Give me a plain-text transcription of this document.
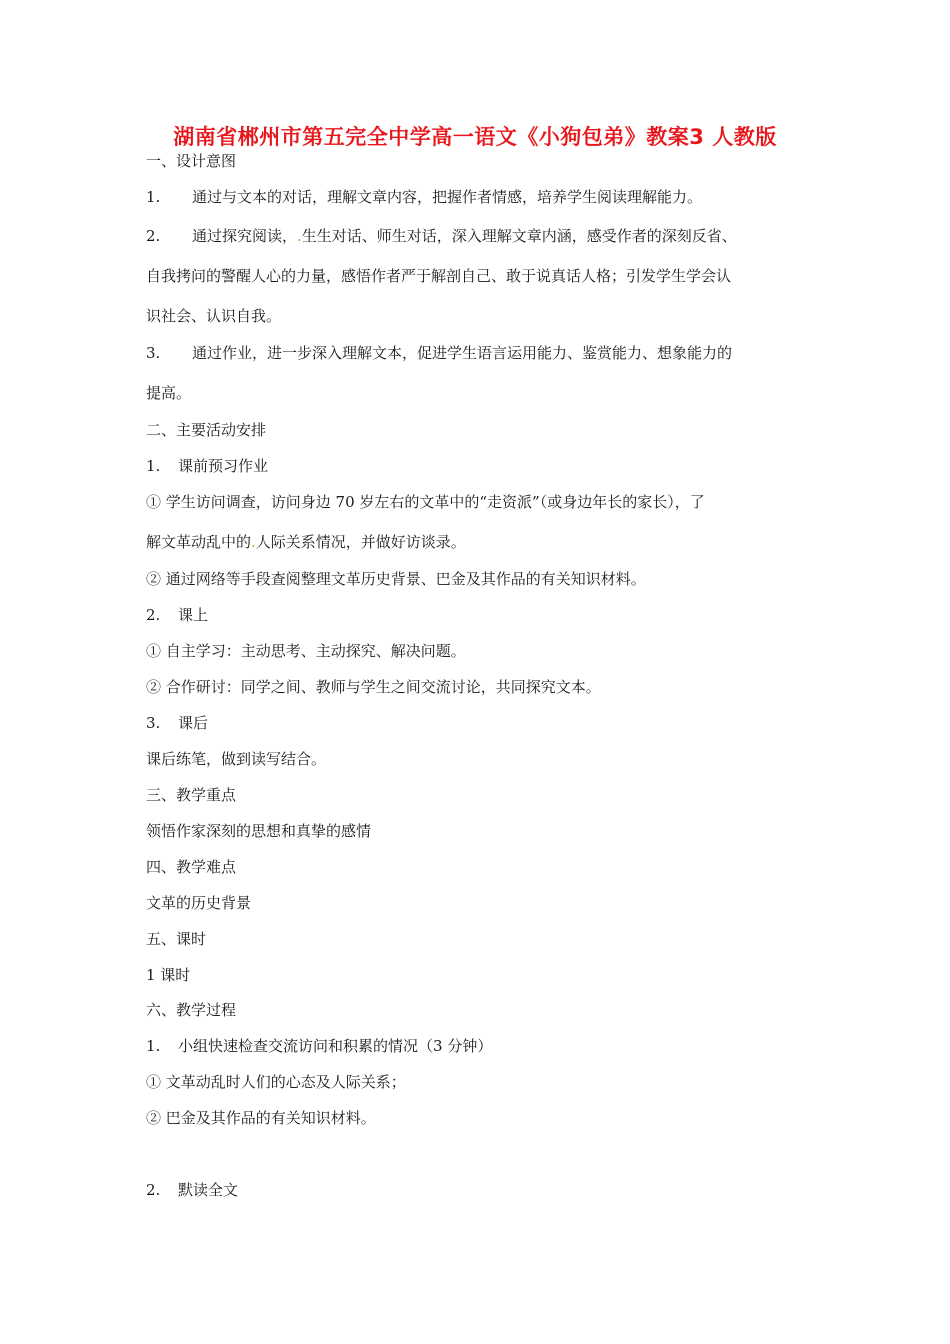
湖南省郴州市第五完全中学高一语文《小狗包弟》教案3 人教版
一、设计意图
1. 通过与文本的对话，理解文章内容，把握作者情感，培养学生阅读理解能力。
2. 通过探究阅读，.生生对话、师生对话，深入理解文章内涵，感受作者的深刻反省、
自我拷问的警醒人心的力量，感悟作者严于解剖自己、敢于说真话人格；引发学生学会认
识社会、认识自我。
3. 通过作业，进一步深入理解文本，促进学生语言运用能力、鉴赏能力、想象能力的
提高。
二、主要活动安排
1. 课前预习作业
① 学生访问调查，访问身边 70 岁左右的文革中的“走资派”（或身边年长的家长），了
解文革动乱中的.人际关系情况，并做好访谈录。
② 通过网络等手段查阅整理文革历史背景、巴金及其作品的有关知识材料。
2. 课上
① 自主学习：主动思考、主动探究、解决问题。
② 合作研讨：同学之间、教师与学生之间交流讨论，共同探究文本。
3. 课后
课后练笔，做到读写结合。
三、教学重点
领悟作家深刻的思想和真挚的感情
四、教学难点
文革的历史背景
五、课时
1 课时
六、教学过程
1. 小组快速检查交流访问和积累的情况（3 分钟）
① 文革动乱时人们的心态及人际关系；
② 巴金及其作品的有关知识材料。
2. 默读全文
